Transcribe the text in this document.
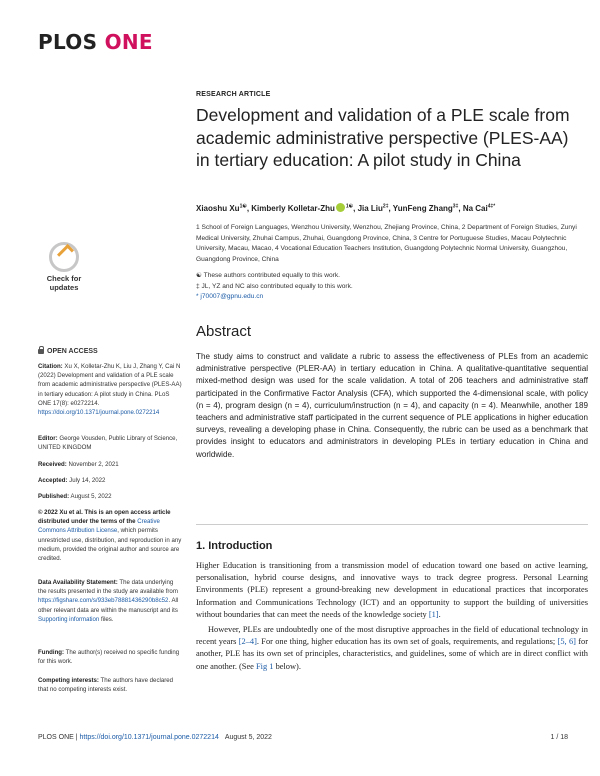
PLOS ONE
RESEARCH ARTICLE
Development and validation of a PLE scale from academic administrative perspective (PLES-AA) in tertiary education: A pilot study in China
Xiaoshu $Xu^{1☯}$, Kimberly Kolletar-Zhu $^{1☯}$, Jia Liu$^{2\ddagger}$, YunFeng Zhang$^{3\ddagger}$, Na Cai$^{4\ddagger*}$
1 School of Foreign Languages, Wenzhou University, Wenzhou, Zhejiang Province, China, 2 Department of Foreign Studies, Zunyi Medical University, Zhuhai Campus, Zhuhai, Guangdong Province, China, 3 Centre for Portuguese Studies, Macau Polytechnic University, Macau, Macao, 4 Vocational Education Teachers Institution, Guangdong Polytechnic Normal University, Guangzhou, Guangdong Province, China
☯ These authors contributed equally to this work.
‡ JL, YZ and NC also contributed equally to this work.
* j70007@gpnu.edu.cn
Check for
updates
OPEN ACCESS
Citation: Xu X, Kolletar-Zhu K, Liu J, Zhang Y, Cai N (2022) Development and validation of a PLE scale from academic administrative perspective (PLES-AA) in tertiary education: A pilot study in China. PLoS ONE 17(8): e0272214. https://doi.org/10.1371/journal.pone.0272214
Editor: George Vousden, Public Library of Science, UNITED KINGDOM
Received: November 2, 2021
Accepted: July 14, 2022
Published: August 5, 2022
© 2022 Xu et al. This is an open access article distributed under the terms of the Creative Commons Attribution License, which permits unrestricted use, distribution, and reproduction in any medium, provided the original author and source are credited.
Data Availability Statement: The data underlying the results presented in the study are available from https://figshare.com/s/933eb78881436290b8c52. All other relevant data are within the manuscript and its Supporting information files.
Funding: The author(s) received no specific funding for this work.
Competing interests: The authors have declared that no competing interests exist.
Abstract
The study aims to construct and validate a rubric to assess the effectiveness of PLEs from an academic administrative perspective (PLER-AA) in tertiary education in China. A qualitative-quantitative sequential mixed-method design was used for the scale validation. A total of 206 teachers and administrative staff participated in the Confirmative Factor Analysis (CFA), which supported the 4-dimensional scale, with policy (n = 4), program design (n = 4), curriculum/instruction (n = 4), and capacity (n = 4). Meanwhile, another 189 teachers and administrative staff participated in the current sequence of PLE applications in higher education surveys, revealing a developing phase in China. Consequently, the rubric can be used as a benchmark that provides insight to educators and administrators in developing PLEs in tertiary education in China and worldwide.
1. Introduction

Higher Education is transitioning from a transmission model of education toward one based on active learning, personalisation, hybrid course designs, and innovative ways to track degree progress. Personal Learning Environments (PLE) represent a ground-breaking new development in educational practices that incorporates Information and Communications Technology (ICT) and an opportunity to support the building of universities without boundaries that can meet the needs of the knowledge society [1].

However, PLEs are undoubtedly one of the most disruptive approaches in the field of educational technology in recent years [2–4]. For one thing, higher education has its own set of goals, requirements, and regulations; [5, 6] for another, PLE has its own set of principles, characteristics, and guidelines, some of which are in direct conflict with one another. (See Fig 1 below).

PLOS ONE | https://doi.org/10.1371/journal.pone.0272214 August 5, 2022	1 / 18
